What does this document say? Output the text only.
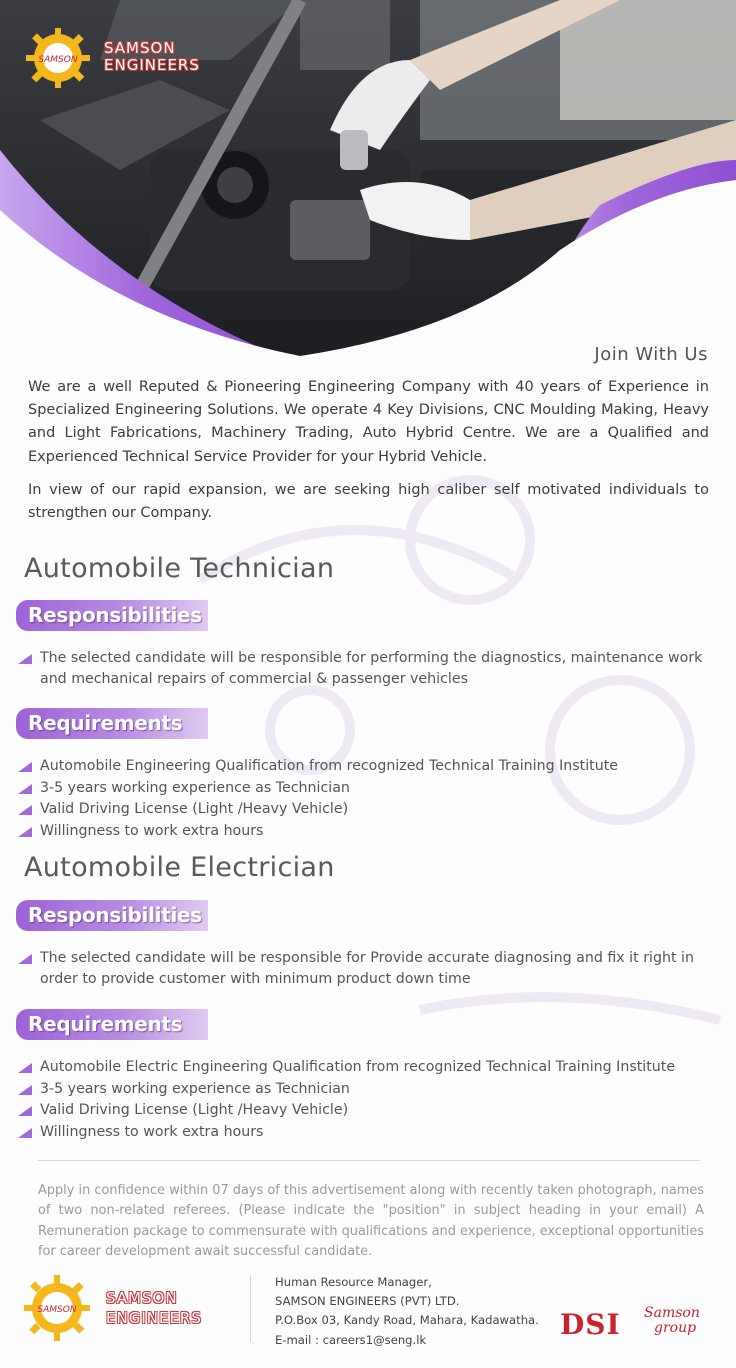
SAMSON
SAMSON
ENGINEERS
Join With Us

We are a well Reputed & Pioneering Engineering Company with 40 years of Experience in Specialized Engineering Solutions. We operate 4 Key Divisions, CNC Moulding Making, Heavy and Light Fabrications, Machinery Trading, Auto Hybrid Centre. We are a Qualified and Experienced Technical Service Provider for your Hybrid Vehicle.

In view of our rapid expansion, we are seeking high caliber self motivated individuals to strengthen our Company.

Automobile Technician
Responsibilities
The selected candidate will be responsible for performing the diagnostics, maintenance work and mechanical repairs of commercial & passenger vehicles
Requirements
Automobile Engineering Qualification from recognized Technical Training Institute
3-5 years working experience as Technician
Valid Driving License (Light /Heavy Vehicle)
Willingness to work extra hours
Automobile Electrician
Responsibilities
The selected candidate will be responsible for Provide accurate diagnosing and fix it right in order to provide customer with minimum product down time
Requirements
Automobile Electric Engineering Qualification from recognized Technical Training Institute
3-5 years working experience as Technician
Valid Driving License (Light /Heavy Vehicle)
Willingness to work extra hours

Apply in confidence within 07 days of this advertisement along with recently taken photograph, names of two non-related referees. (Please indicate the "position" in subject heading in your email) A Remuneration package to commensurate with qualifications and experience, exceptional opportunities for career development await successful candidate.

SAMSON
SAMSON
ENGINEERS
Human Resource Manager,
SAMSON ENGINEERS (PVT) LTD.
P.O.Box 03, Kandy Road, Mahara, Kadawatha.
E-mail : careers1@seng.lk	DSI Samson
group
